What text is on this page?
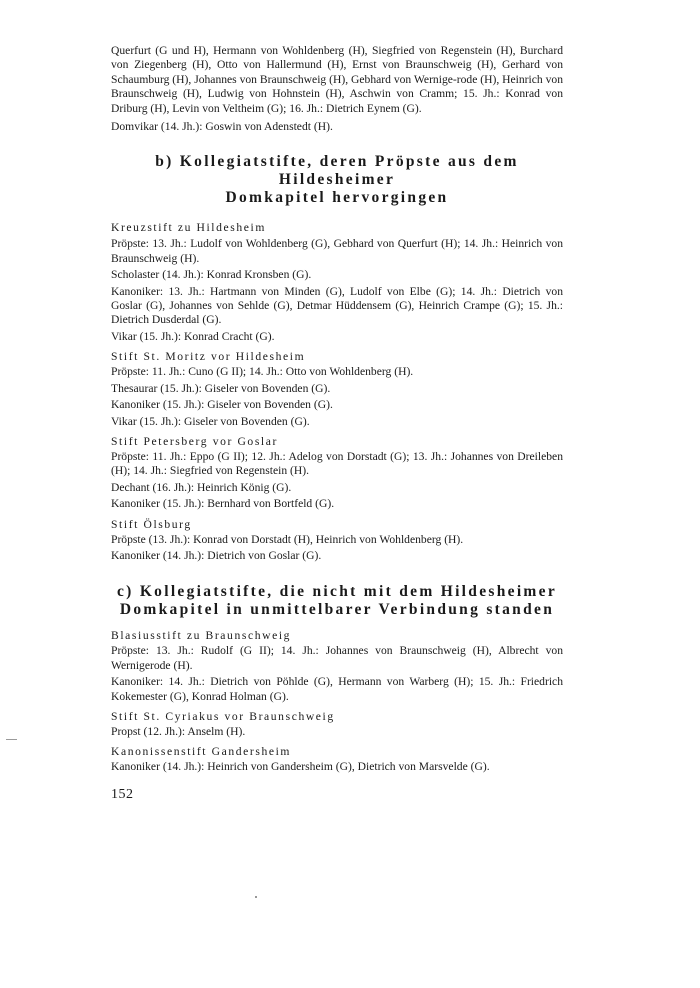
Querfurt (G und H), Hermann von Wohldenberg (H), Siegfried von Regenstein (H), Burchard von Ziegenberg (H), Otto von Hallermund (H), Ernst von Braunschweig (H), Gerhard von Schaumburg (H), Johannes von Braunschweig (H), Gebhard von Wernige-rode (H), Heinrich von Braunschweig (H), Ludwig von Hohnstein (H), Aschwin von Cramm; 15. Jh.: Konrad von Driburg (H), Levin von Veltheim (G); 16. Jh.: Dietrich Eynem (G).

Domvikar (14. Jh.): Goswin von Adenstedt (H).

b) Kollegiatstifte, deren Pröpste aus dem Hildesheimer
Domkapitel hervorgingen

Kreuzstift zu Hildesheim

Pröpste: 13. Jh.: Ludolf von Wohldenberg (G), Gebhard von Querfurt (H); 14. Jh.: Heinrich von Braunschweig (H).

Scholaster (14. Jh.): Konrad Kronsben (G).

Kanoniker: 13. Jh.: Hartmann von Minden (G), Ludolf von Elbe (G); 14. Jh.: Dietrich von Goslar (G), Johannes von Sehlde (G), Detmar Hüddensem (G), Heinrich Crampe (G); 15. Jh.: Dietrich Dusderdal (G).

Vikar (15. Jh.): Konrad Cracht (G).

Stift St. Moritz vor Hildesheim

Pröpste: 11. Jh.: Cuno (G II); 14. Jh.: Otto von Wohldenberg (H).

Thesaurar (15. Jh.): Giseler von Bovenden (G).

Kanoniker (15. Jh.): Giseler von Bovenden (G).

Vikar (15. Jh.): Giseler von Bovenden (G).

Stift Petersberg vor Goslar

Pröpste: 11. Jh.: Eppo (G II); 12. Jh.: Adelog von Dorstadt (G); 13. Jh.: Johannes von Dreileben (H); 14. Jh.: Siegfried von Regenstein (H).

Dechant (16. Jh.): Heinrich König (G).

Kanoniker (15. Jh.): Bernhard von Bortfeld (G).

Stift Ölsburg

Pröpste (13. Jh.): Konrad von Dorstadt (H), Heinrich von Wohldenberg (H).

Kanoniker (14. Jh.): Dietrich von Goslar (G).

c) Kollegiatstifte, die nicht mit dem Hildesheimer
Domkapitel in unmittelbarer Verbindung standen

Blasiusstift zu Braunschweig

Pröpste: 13. Jh.: Rudolf (G II); 14. Jh.: Johannes von Braunschweig (H), Albrecht von Wernigerode (H).

Kanoniker: 14. Jh.: Dietrich von Pöhlde (G), Hermann von Warberg (H); 15. Jh.: Friedrich Kokemester (G), Konrad Holman (G).

Stift St. Cyriakus vor Braunschweig

Propst (12. Jh.): Anselm (H).

Kanonissenstift Gandersheim

Kanoniker (14. Jh.): Heinrich von Gandersheim (G), Dietrich von Marsvelde (G).

152
